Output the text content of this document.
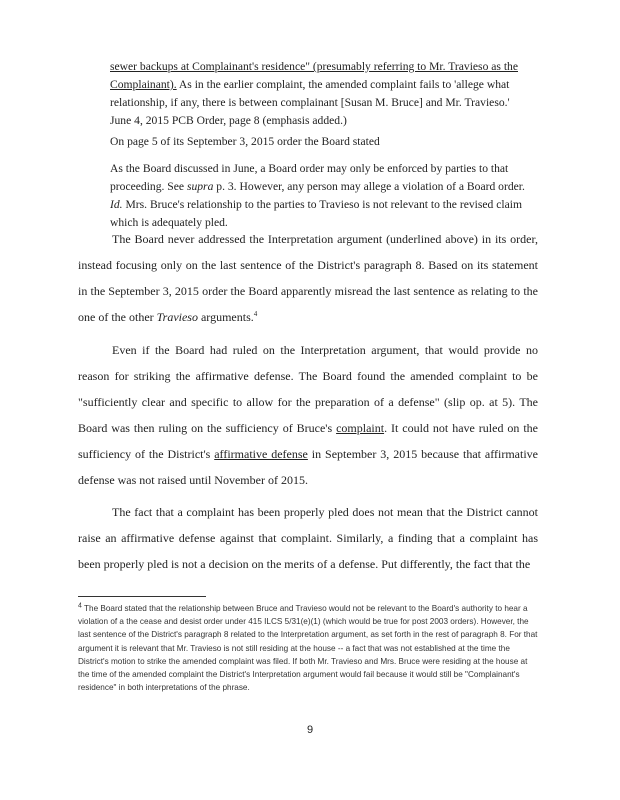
sewer backups at Complainant's residence" (presumably referring to Mr. Travieso as the Complainant). As in the earlier complaint, the amended complaint fails to 'allege what relationship, if any, there is between complainant [Susan M. Bruce] and Mr. Travieso.' June 4, 2015 PCB Order, page 8 (emphasis added.)
On page 5 of its September 3, 2015 order the Board stated
As the Board discussed in June, a Board order may only be enforced by parties to that proceeding. See supra p. 3. However, any person may allege a violation of a Board order. Id. Mrs. Bruce's relationship to the parties to Travieso is not relevant to the revised claim which is adequately pled.
The Board never addressed the Interpretation argument (underlined above) in its order, instead focusing only on the last sentence of the District's paragraph 8. Based on its statement in the September 3, 2015 order the Board apparently misread the last sentence as relating to the one of the other Travieso arguments.$^4$
Even if the Board had ruled on the Interpretation argument, that would provide no reason for striking the affirmative defense. The Board found the amended complaint to be "sufficiently clear and specific to allow for the preparation of a defense" (slip op. at 5). The Board was then ruling on the sufficiency of Bruce's complaint. It could not have ruled on the sufficiency of the District's affirmative defense in September 3, 2015 because that affirmative defense was not raised until November of 2015.
The fact that a complaint has been properly pled does not mean that the District cannot raise an affirmative defense against that complaint. Similarly, a finding that a complaint has been properly pled is not a decision on the merits of a defense. Put differently, the fact that the
4 The Board stated that the relationship between Bruce and Travieso would not be relevant to the Board's authority to hear a violation of a the cease and desist order under 415 ILCS 5/31(e)(1) (which would be true for post 2003 orders). However, the last sentence of the District's paragraph 8 related to the Interpretation argument, as set forth in the rest of paragraph 8. For that argument it is relevant that Mr. Travieso is not still residing at the house -- a fact that was not established at the time the District's motion to strike the amended complaint was filed. If both Mr. Travieso and Mrs. Bruce were residing at the house at the time of the amended complaint the District's Interpretation argument would fail because it would still be "Complainant's residence" in both interpretations of the phrase.
9
